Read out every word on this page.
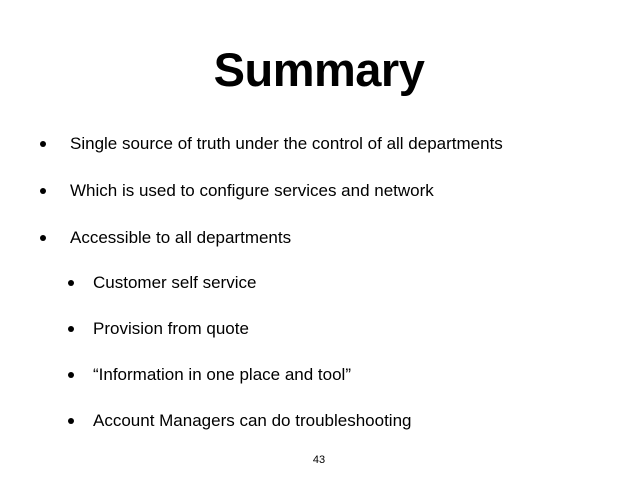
Summary
Single source of truth under the control of all departments
Which is used to configure services and network
Accessible to all departments
Customer self service
Provision from quote
“Information in one place and tool”
Account Managers can do troubleshooting
43
